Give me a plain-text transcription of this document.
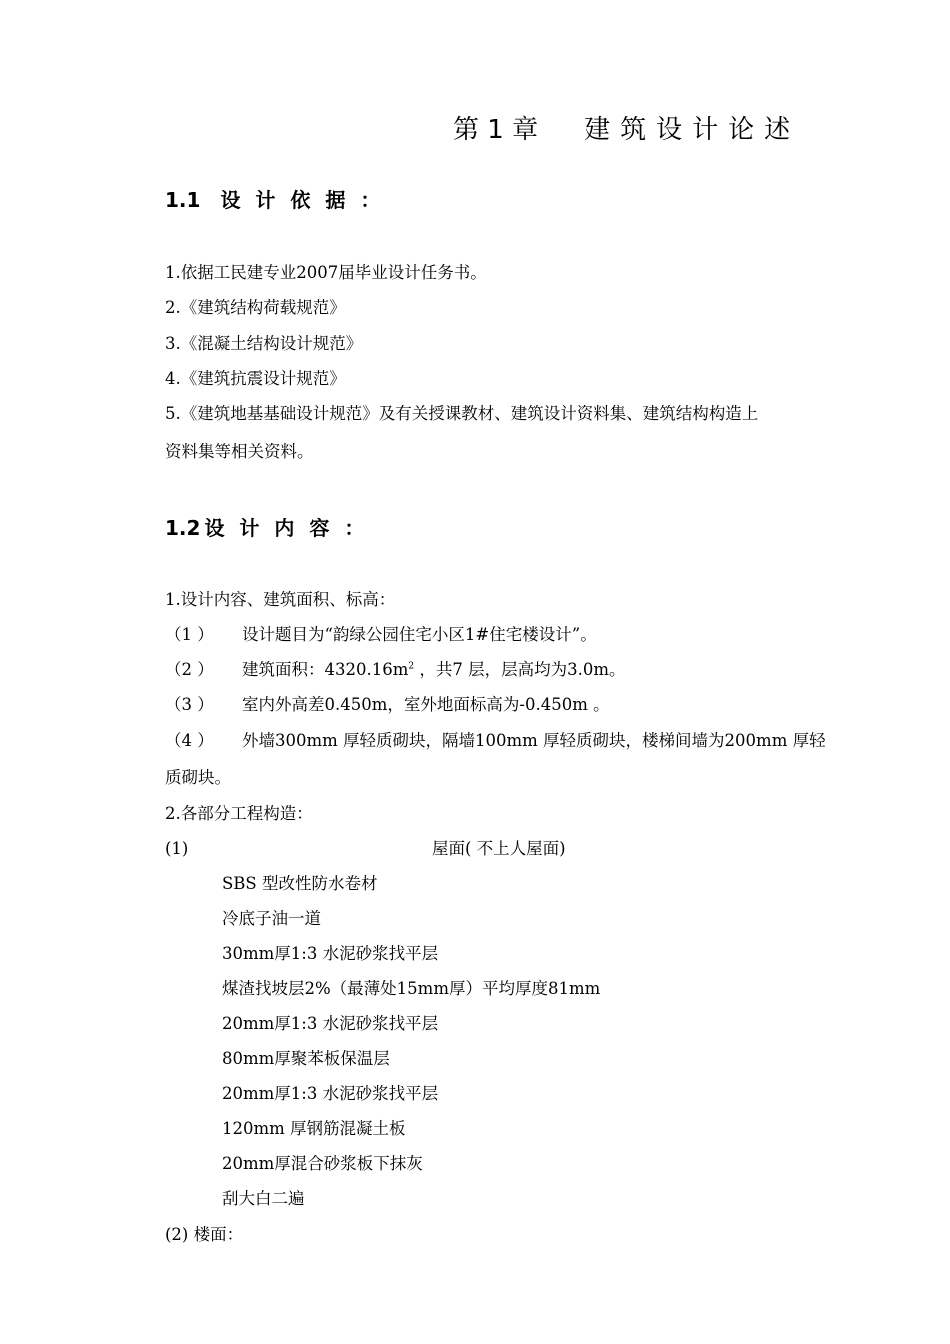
第 1 章 建筑设计论述
1.1 设计依据：
1.依据工民建专业2007届毕业设计任务书。
2.《建筑结构荷载规范》
3.《混凝土结构设计规范》
4.《建筑抗震设计规范》
5.《建筑地基基础设计规范》及有关授课教材、建筑设计资料集、建筑结构构造上
资料集等相关资料。
1.2 设计内容：
1.设计内容、建筑面积、标高：
（1 ） 设计题目为“韵绿公园住宅小区1#住宅楼设计”。
（2 ） 建筑面积：4320.16m$^2$ ，共7 层，层高均为3.0m。
（3 ） 室内外高差0.450m，室外地面标高为-0.450m 。
（4 ） 外墙300mm 厚轻质砌块，隔墙100mm 厚轻质砌块，楼梯间墙为200mm 厚轻
质砌块。
2.各部分工程构造：
(1)	屋面( 不上人屋面)
SBS 型改性防水卷材
冷底子油一道
30mm厚1:3 水泥砂浆找平层
煤渣找坡层2%（最薄处15mm厚）平均厚度81mm
20mm厚1:3 水泥砂浆找平层
80mm厚聚苯板保温层
20mm厚1:3 水泥砂浆找平层
120mm 厚钢筋混凝土板
20mm厚混合砂浆板下抹灰
刮大白二遍
(2) 楼面：
